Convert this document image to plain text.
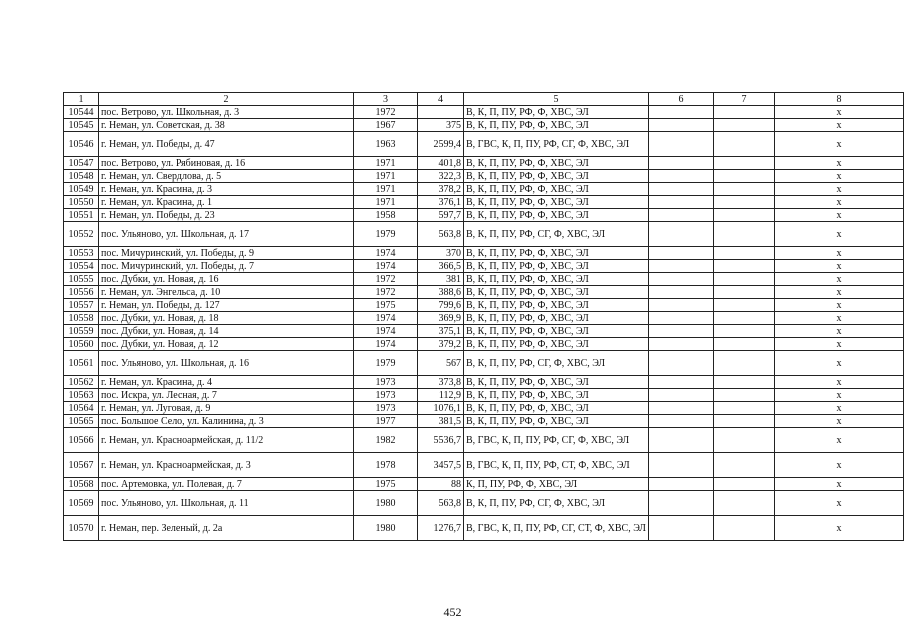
1	2	3	4	5	6	7	8
10544	пос. Ветрово, ул. Школьная, д. 3	1972		В, К, П, ПУ, РФ, Ф, ХВС, ЭЛ			x
10545	г. Неман, ул. Советская, д. 38	1967	375	В, К, П, ПУ, РФ, Ф, ХВС, ЭЛ			x
10546	г. Неман, ул. Победы, д. 47	1963	2599,4	В, ГВС, К, П, ПУ, РФ, СГ, Ф, ХВС, ЭЛ			x
10547	пос. Ветрово, ул. Рябиновая, д. 16	1971	401,8	В, К, П, ПУ, РФ, Ф, ХВС, ЭЛ			x
10548	г. Неман, ул. Свердлова, д. 5	1971	322,3	В, К, П, ПУ, РФ, Ф, ХВС, ЭЛ			x
10549	г. Неман, ул. Красина, д. 3	1971	378,2	В, К, П, ПУ, РФ, Ф, ХВС, ЭЛ			x
10550	г. Неман, ул. Красина, д. 1	1971	376,1	В, К, П, ПУ, РФ, Ф, ХВС, ЭЛ			x
10551	г. Неман, ул. Победы, д. 23	1958	597,7	В, К, П, ПУ, РФ, Ф, ХВС, ЭЛ			x
10552	пос. Ульяново, ул. Школьная, д. 17	1979	563,8	В, К, П, ПУ, РФ, СГ, Ф, ХВС, ЭЛ			x
10553	пос. Мичуринский, ул. Победы, д. 9	1974	370	В, К, П, ПУ, РФ, Ф, ХВС, ЭЛ			x
10554	пос. Мичуринский, ул. Победы, д. 7	1974	366,5	В, К, П, ПУ, РФ, Ф, ХВС, ЭЛ			x
10555	пос. Дубки, ул. Новая, д. 16	1972	381	В, К, П, ПУ, РФ, Ф, ХВС, ЭЛ			x
10556	г. Неман, ул. Энгельса, д. 10	1972	388,6	В, К, П, ПУ, РФ, Ф, ХВС, ЭЛ			x
10557	г. Неман, ул. Победы, д. 127	1975	799,6	В, К, П, ПУ, РФ, Ф, ХВС, ЭЛ			x
10558	пос. Дубки, ул. Новая, д. 18	1974	369,9	В, К, П, ПУ, РФ, Ф, ХВС, ЭЛ			x
10559	пос. Дубки, ул. Новая, д. 14	1974	375,1	В, К, П, ПУ, РФ, Ф, ХВС, ЭЛ			x
10560	пос. Дубки, ул. Новая, д. 12	1974	379,2	В, К, П, ПУ, РФ, Ф, ХВС, ЭЛ			x
10561	пос. Ульяново, ул. Школьная, д. 16	1979	567	В, К, П, ПУ, РФ, СГ, Ф, ХВС, ЭЛ			x
10562	г. Неман, ул. Красина, д. 4	1973	373,8	В, К, П, ПУ, РФ, Ф, ХВС, ЭЛ			x
10563	пос. Искра, ул. Лесная, д. 7	1973	112,9	В, К, П, ПУ, РФ, Ф, ХВС, ЭЛ			x
10564	г. Неман, ул. Луговая, д. 9	1973	1076,1	В, К, П, ПУ, РФ, Ф, ХВС, ЭЛ			x
10565	пос. Большое Село, ул. Калинина, д. 3	1977	381,5	В, К, П, ПУ, РФ, Ф, ХВС, ЭЛ			x
10566	г. Неман, ул. Красноармейская, д. 11/2	1982	5536,7	В, ГВС, К, П, ПУ, РФ, СГ, Ф, ХВС, ЭЛ			x
10567	г. Неман, ул. Красноармейская, д. 3	1978	3457,5	В, ГВС, К, П, ПУ, РФ, СТ, Ф, ХВС, ЭЛ			x
10568	пос. Артемовка, ул. Полевая, д. 7	1975	88	К, П, ПУ, РФ, Ф, ХВС, ЭЛ			x
10569	пос. Ульяново, ул. Школьная, д. 11	1980	563,8	В, К, П, ПУ, РФ, СГ, Ф, ХВС, ЭЛ			x
10570	г. Неман, пер. Зеленый, д. 2а	1980	1276,7	В, ГВС, К, П, ПУ, РФ, СГ, СТ, Ф, ХВС, ЭЛ			x
452
